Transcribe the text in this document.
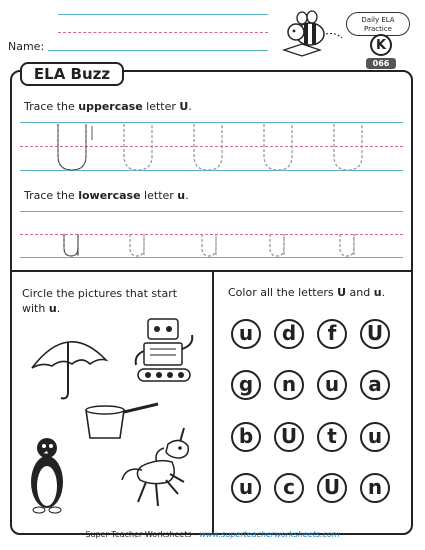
Name:
Daily ELA Practice
K
066
ELA Buzz
Trace the uppercase letter U.
Trace the lowercase letter u.
Circle the pictures that start
with u.
Color all the letters U and u.
u	d	f	U
g	n	u	a
b	U	t	u
u	c	U	n
Super Teacher Worksheets - www.superteacherworksheets.com
